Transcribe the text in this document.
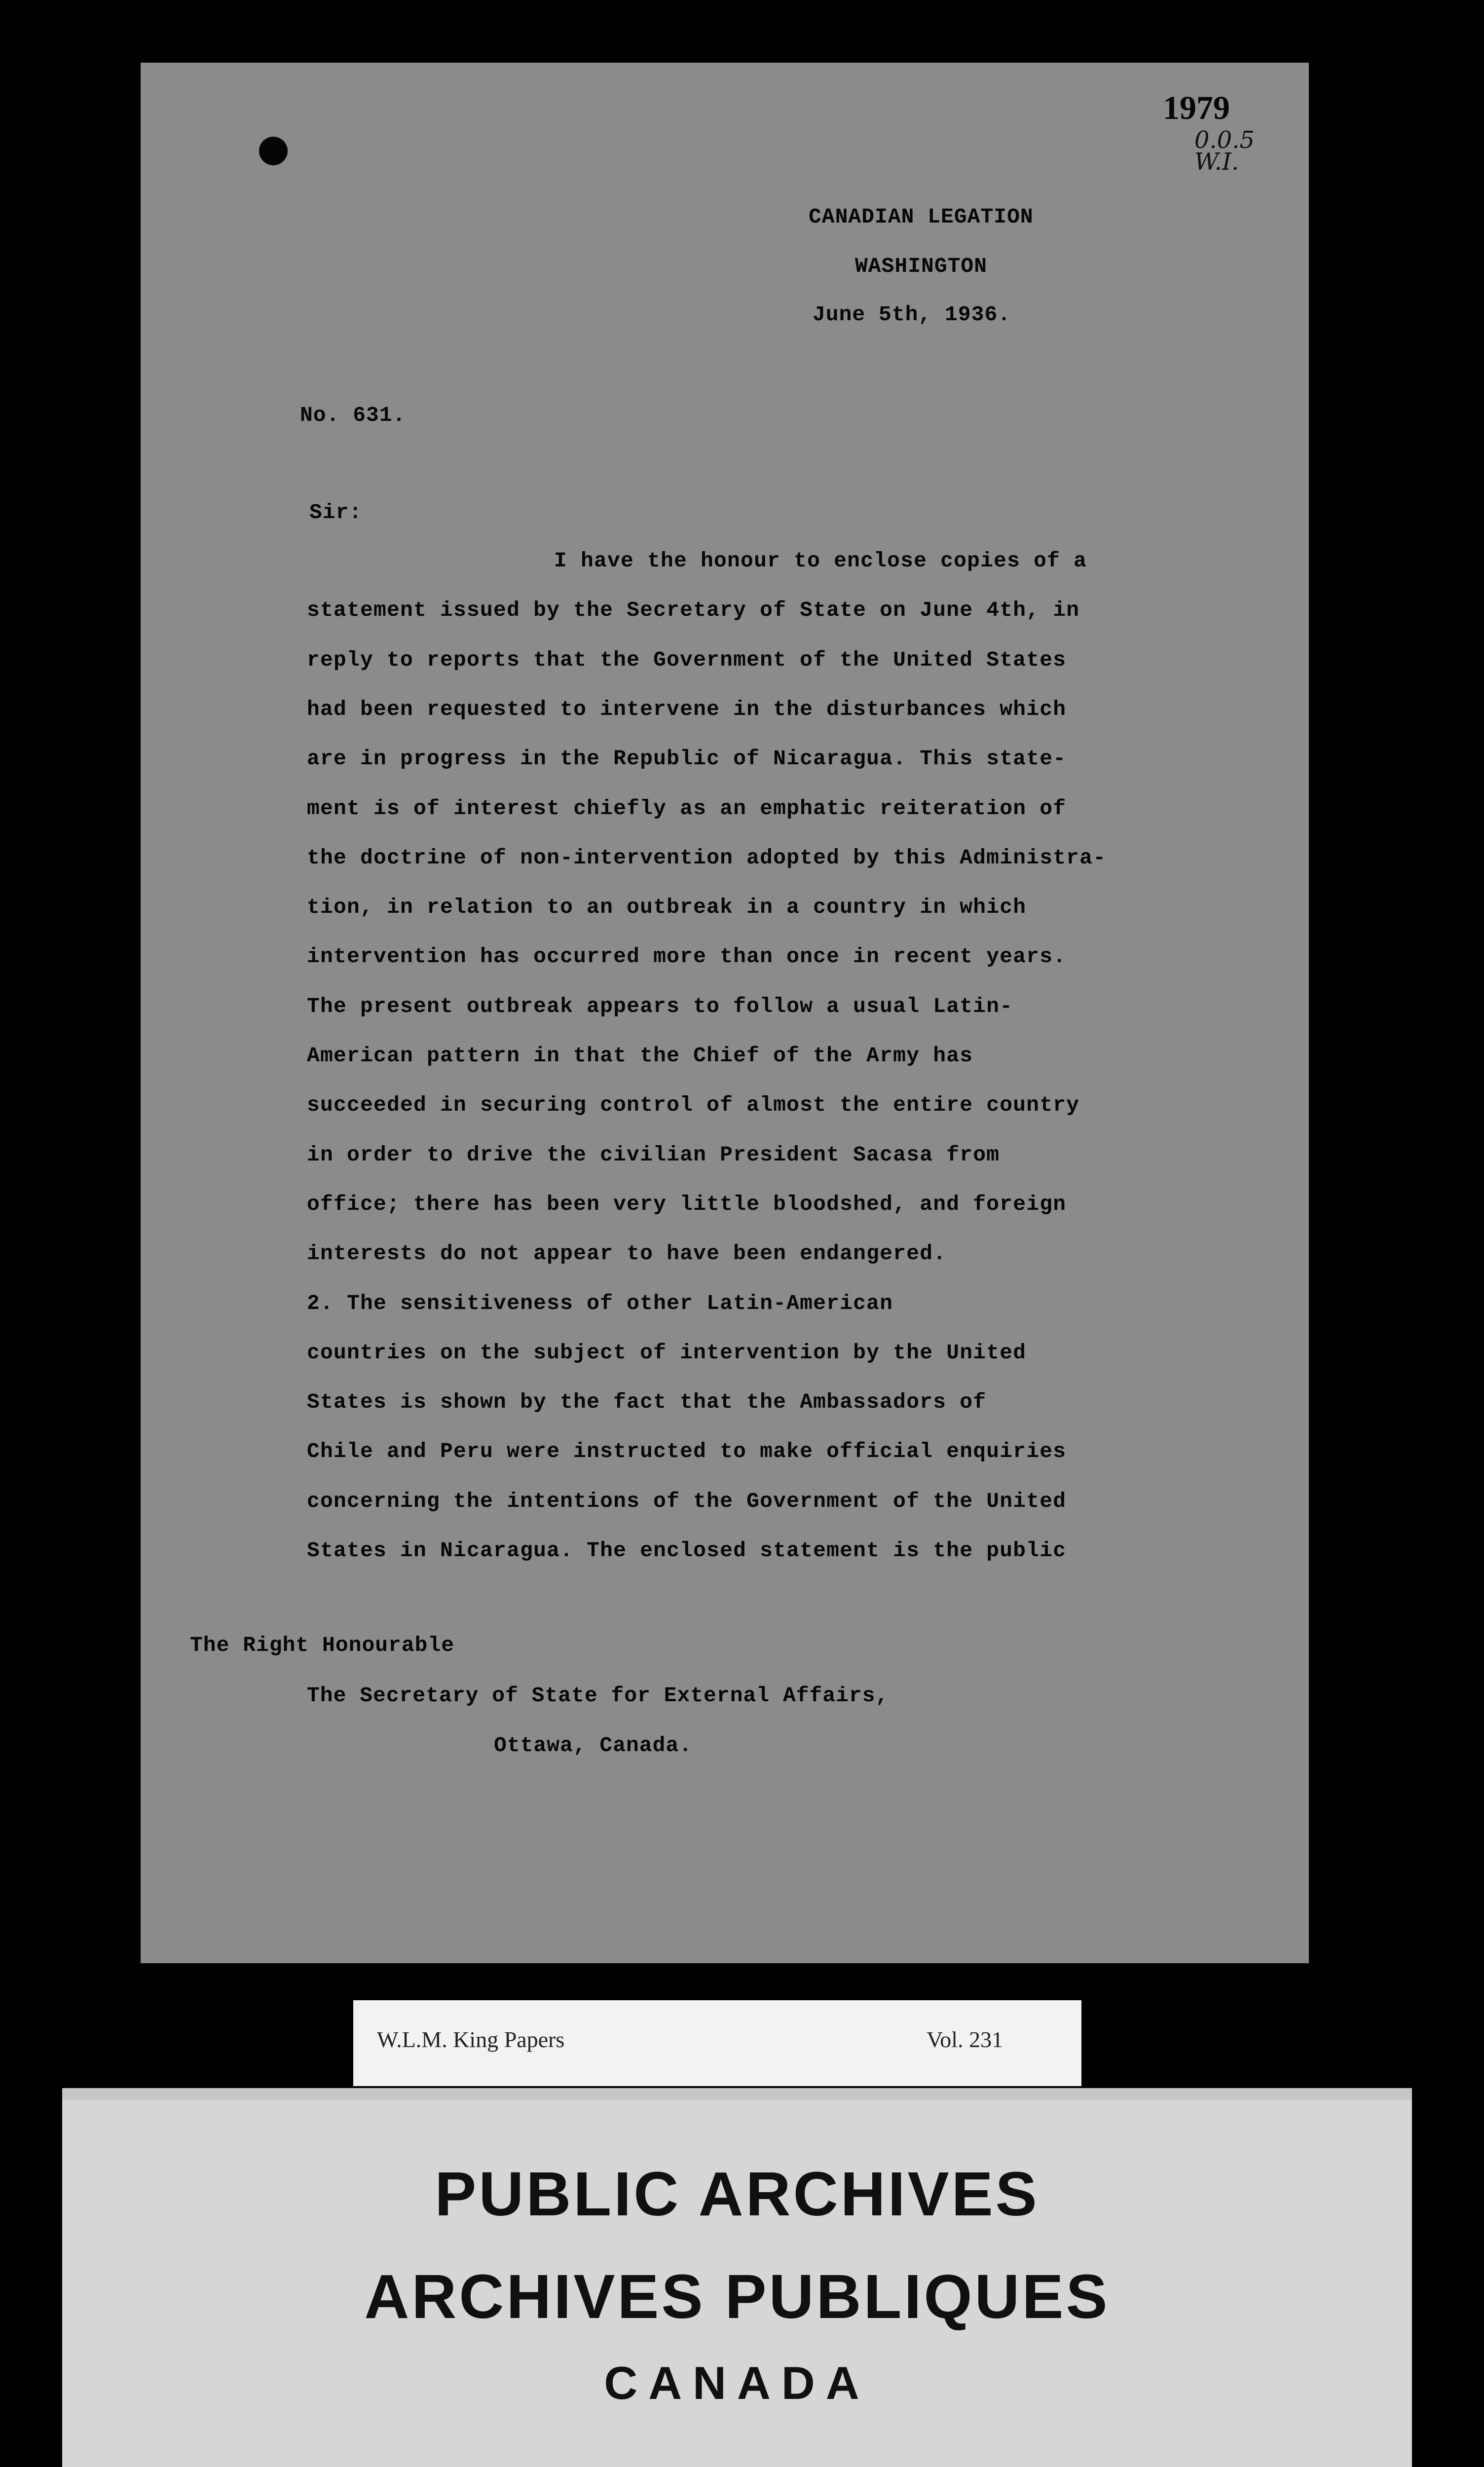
1979
0.0.5
W.I.
CANADIAN LEGATION
WASHINGTON
June 5th, 1936.
No. 631.
Sir:
I have the honour to enclose copies of a
statement issued by the Secretary of State on June 4th, in
reply to reports that the Government of the United States
had been requested to intervene in the disturbances which
are in progress in the Republic of Nicaragua. This state-
ment is of interest chiefly as an emphatic reiteration of
the doctrine of non-intervention adopted by this Administra-
tion, in relation to an outbreak in a country in which
intervention has occurred more than once in recent years.
The present outbreak appears to follow a usual Latin-
American pattern in that the Chief of the Army has
succeeded in securing control of almost the entire country
in order to drive the civilian President Sacasa from
office; there has been very little bloodshed, and foreign
interests do not appear to have been endangered.
2. The sensitiveness of other Latin-American
countries on the subject of intervention by the United
States is shown by the fact that the Ambassadors of
Chile and Peru were instructed to make official enquiries
concerning the intentions of the Government of the United
States in Nicaragua. The enclosed statement is the public
The Right Honourable
The Secretary of State for External Affairs,
Ottawa, Canada.
W.L.M. King Papers	Vol. 231
PUBLIC ARCHIVES
ARCHIVES PUBLIQUES
CANADA
